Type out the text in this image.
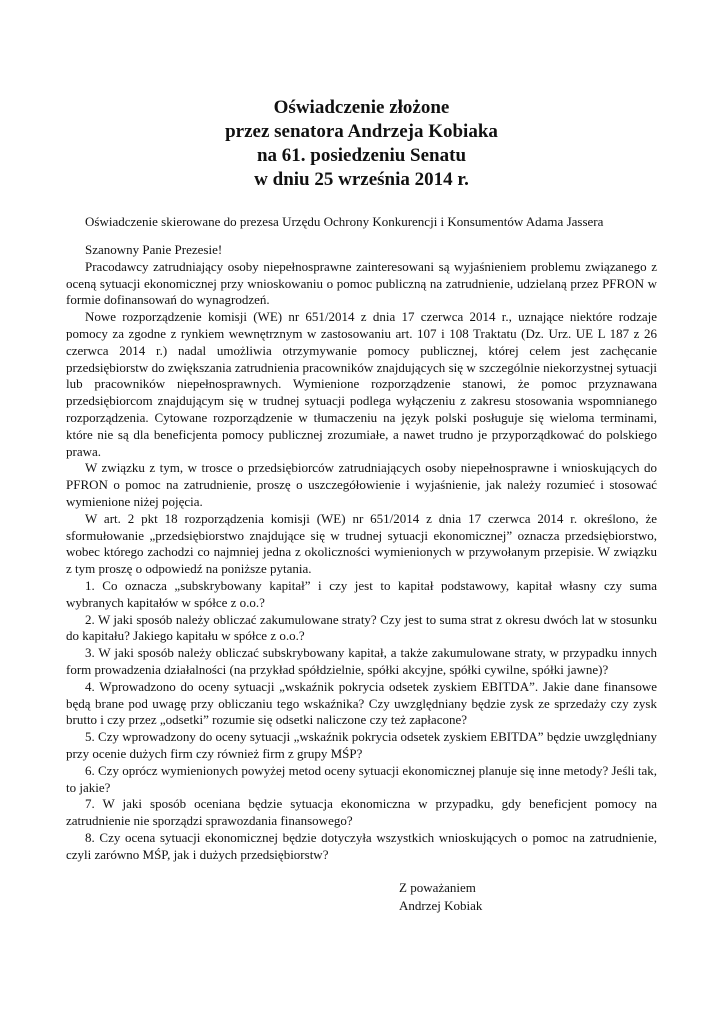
Oświadczenie złożone
przez senatora Andrzeja Kobiaka
na 61. posiedzeniu Senatu
w dniu 25 września 2014 r.
Oświadczenie skierowane do prezesa Urzędu Ochrony Konkurencji i Konsumentów Adama Jassera

Szanowny Panie Prezesie!

Pracodawcy zatrudniający osoby niepełnosprawne zainteresowani są wyjaśnieniem problemu związanego z oceną sytuacji ekonomicznej przy wnioskowaniu o pomoc publiczną na zatrudnienie, udzielaną przez PFRON w formie dofinansowań do wynagrodzeń.

Nowe rozporządzenie komisji (WE) nr 651/2014 z dnia 17 czerwca 2014 r., uznające niektóre rodzaje pomocy za zgodne z rynkiem wewnętrznym w zastosowaniu art. 107 i 108 Traktatu (Dz. Urz. UE L 187 z 26 czerwca 2014 r.) nadal umożliwia otrzymywanie pomocy publicznej, której celem jest zachęcanie przedsiębiorstw do zwiększania zatrudnienia pracowników znajdujących się w szczególnie niekorzystnej sytuacji lub pracowników niepełnosprawnych. Wymienione rozporządzenie stanowi, że pomoc przyznawana przedsiębiorcom znajdującym się w trudnej sytuacji podlega wyłączeniu z zakresu stosowania wspomnianego rozporządzenia. Cytowane rozporządzenie w tłumaczeniu na język polski posługuje się wieloma terminami, które nie są dla beneficjenta pomocy publicznej zrozumiałe, a nawet trudno je przyporządkować do polskiego prawa.

W związku z tym, w trosce o przedsiębiorców zatrudniających osoby niepełnosprawne i wnioskujących do PFRON o pomoc na zatrudnienie, proszę o uszczegółowienie i wyjaśnienie, jak należy rozumieć i stosować wymienione niżej pojęcia.

W art. 2 pkt 18 rozporządzenia komisji (WE) nr 651/2014 z dnia 17 czerwca 2014 r. określono, że sformułowanie „przedsiębiorstwo znajdujące się w trudnej sytuacji ekonomicznej” oznacza przedsiębiorstwo, wobec którego zachodzi co najmniej jedna z okoliczności wymienionych w przywołanym przepisie. W związku z tym proszę o odpowiedź na poniższe pytania.

1. Co oznacza „subskrybowany kapitał” i czy jest to kapitał podstawowy, kapitał własny czy suma wybranych kapitałów w spółce z o.o.?

2. W jaki sposób należy obliczać zakumulowane straty? Czy jest to suma strat z okresu dwóch lat w stosunku do kapitału? Jakiego kapitału w spółce z o.o.?

3. W jaki sposób należy obliczać subskrybowany kapitał, a także zakumulowane straty, w przypadku innych form prowadzenia działalności (na przykład spółdzielnie, spółki akcyjne, spółki cywilne, spółki jawne)?

4. Wprowadzono do oceny sytuacji „wskaźnik pokrycia odsetek zyskiem EBITDA”. Jakie dane finansowe będą brane pod uwagę przy obliczaniu tego wskaźnika? Czy uwzględniany będzie zysk ze sprzedaży czy zysk brutto i czy przez „odsetki” rozumie się odsetki naliczone czy też zapłacone?

5. Czy wprowadzony do oceny sytuacji „wskaźnik pokrycia odsetek zyskiem EBITDA” będzie uwzględniany przy ocenie dużych firm czy również firm z grupy MŚP?

6. Czy oprócz wymienionych powyżej metod oceny sytuacji ekonomicznej planuje się inne metody? Jeśli tak, to jakie?

7. W jaki sposób oceniana będzie sytuacja ekonomiczna w przypadku, gdy beneficjent pomocy na zatrudnienie nie sporządzi sprawozdania finansowego?

8. Czy ocena sytuacji ekonomicznej będzie dotyczyła wszystkich wnioskujących o pomoc na zatrudnienie, czyli zarówno MŚP, jak i dużych przedsiębiorstw?

Z poważaniem
Andrzej Kobiak
